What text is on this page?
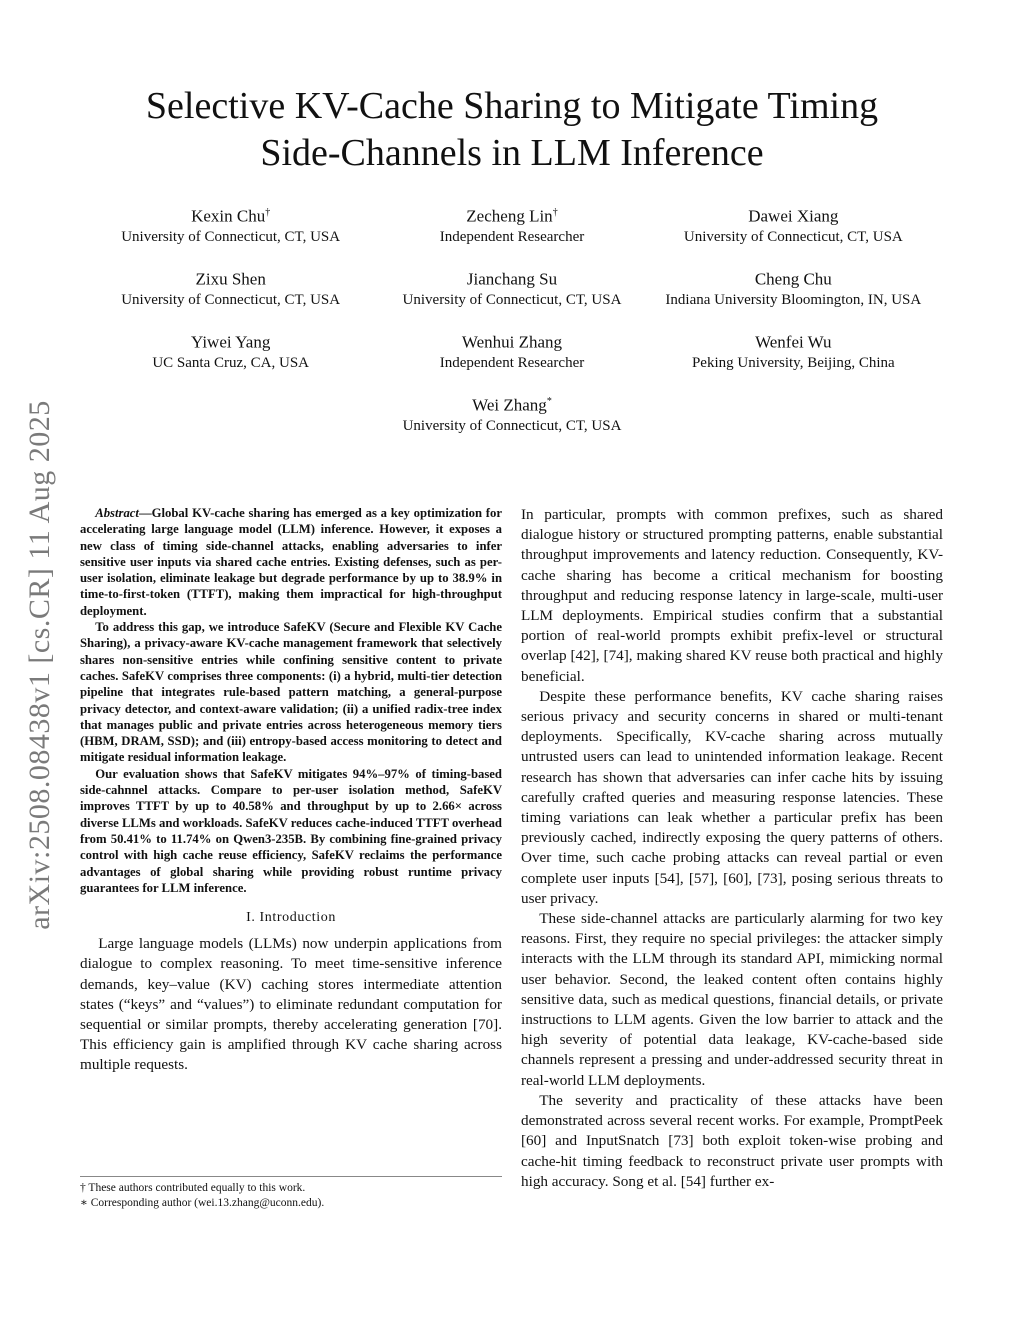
arXiv:2508.08438v1 [cs.CR] 11 Aug 2025
Selective KV-Cache Sharing to Mitigate Timing
Side-Channels in LLM Inference
Kexin Chu†
University of Connecticut, CT, USA
Zecheng Lin†
Independent Researcher
Dawei Xiang
University of Connecticut, CT, USA
Zixu Shen
University of Connecticut, CT, USA
Jianchang Su
University of Connecticut, CT, USA
Cheng Chu
Indiana University Bloomington, IN, USA
Yiwei Yang
UC Santa Cruz, CA, USA
Wenhui Zhang
Independent Researcher
Wenfei Wu
Peking University, Beijing, China
Wei Zhang*
University of Connecticut, CT, USA

Abstract—Global KV-cache sharing has emerged as a key optimization for accelerating large language model (LLM) inference. However, it exposes a new class of timing side-channel attacks, enabling adversaries to infer sensitive user inputs via shared cache entries. Existing defenses, such as per-user isolation, eliminate leakage but degrade performance by up to 38.9% in time-to-first-token (TTFT), making them impractical for high-throughput deployment.

To address this gap, we introduce SafeKV (Secure and Flexible KV Cache Sharing), a privacy-aware KV-cache management framework that selectively shares non-sensitive entries while confining sensitive content to private caches. SafeKV comprises three components: (i) a hybrid, multi-tier detection pipeline that integrates rule-based pattern matching, a general-purpose privacy detector, and context-aware validation; (ii) a unified radix-tree index that manages public and private entries across heterogeneous memory tiers (HBM, DRAM, SSD); and (iii) entropy-based access monitoring to detect and mitigate residual information leakage.

Our evaluation shows that SafeKV mitigates 94%–97% of timing-based side-cahnnel attacks. Compare to per-user isolation method, SafeKV improves TTFT by up to 40.58% and throughput by up to 2.66× across diverse LLMs and workloads. SafeKV reduces cache-induced TTFT overhead from 50.41% to 11.74% on Qwen3-235B. By combining fine-grained privacy control with high cache reuse efficiency, SafeKV reclaims the performance advantages of global sharing while providing robust runtime privacy guarantees for LLM inference.

I. Introduction

Large language models (LLMs) now underpin applications from dialogue to complex reasoning. To meet time-sensitive inference demands, key–value (KV) caching stores intermediate attention states (“keys” and “values”) to eliminate redundant computation for sequential or similar prompts, thereby accelerating generation [70]. This efficiency gain is amplified through KV cache sharing across multiple requests.

† These authors contributed equally to this work.

∗ Corresponding author (wei.13.zhang@uconn.edu).

In particular, prompts with common prefixes, such as shared dialogue history or structured prompting patterns, enable substantial throughput improvements and latency reduction. Consequently, KV-cache sharing has become a critical mechanism for boosting throughput and reducing response latency in large-scale, multi-user LLM deployments. Empirical studies confirm that a substantial portion of real-world prompts exhibit prefix-level or structural overlap [42], [74], making shared KV reuse both practical and highly beneficial.

Despite these performance benefits, KV cache sharing raises serious privacy and security concerns in shared or multi-tenant deployments. Specifically, KV-cache sharing across mutually untrusted users can lead to unintended information leakage. Recent research has shown that adversaries can infer cache hits by issuing carefully crafted queries and measuring response latencies. These timing variations can leak whether a particular prefix has been previously cached, indirectly exposing the query patterns of others. Over time, such cache probing attacks can reveal partial or even complete user inputs [54], [57], [60], [73], posing serious threats to user privacy.

These side-channel attacks are particularly alarming for two key reasons. First, they require no special privileges: the attacker simply interacts with the LLM through its standard API, mimicking normal user behavior. Second, the leaked content often contains highly sensitive data, such as medical questions, financial details, or private instructions to LLM agents. Given the low barrier to attack and the high severity of potential data leakage, KV-cache-based side channels represent a pressing and under-addressed security threat in real-world LLM deployments.

The severity and practicality of these attacks have been demonstrated across several recent works. For example, PromptPeek [60] and InputSnatch [73] both exploit token-wise probing and cache-hit timing feedback to reconstruct private user prompts with high accuracy. Song et al. [54] further ex-
